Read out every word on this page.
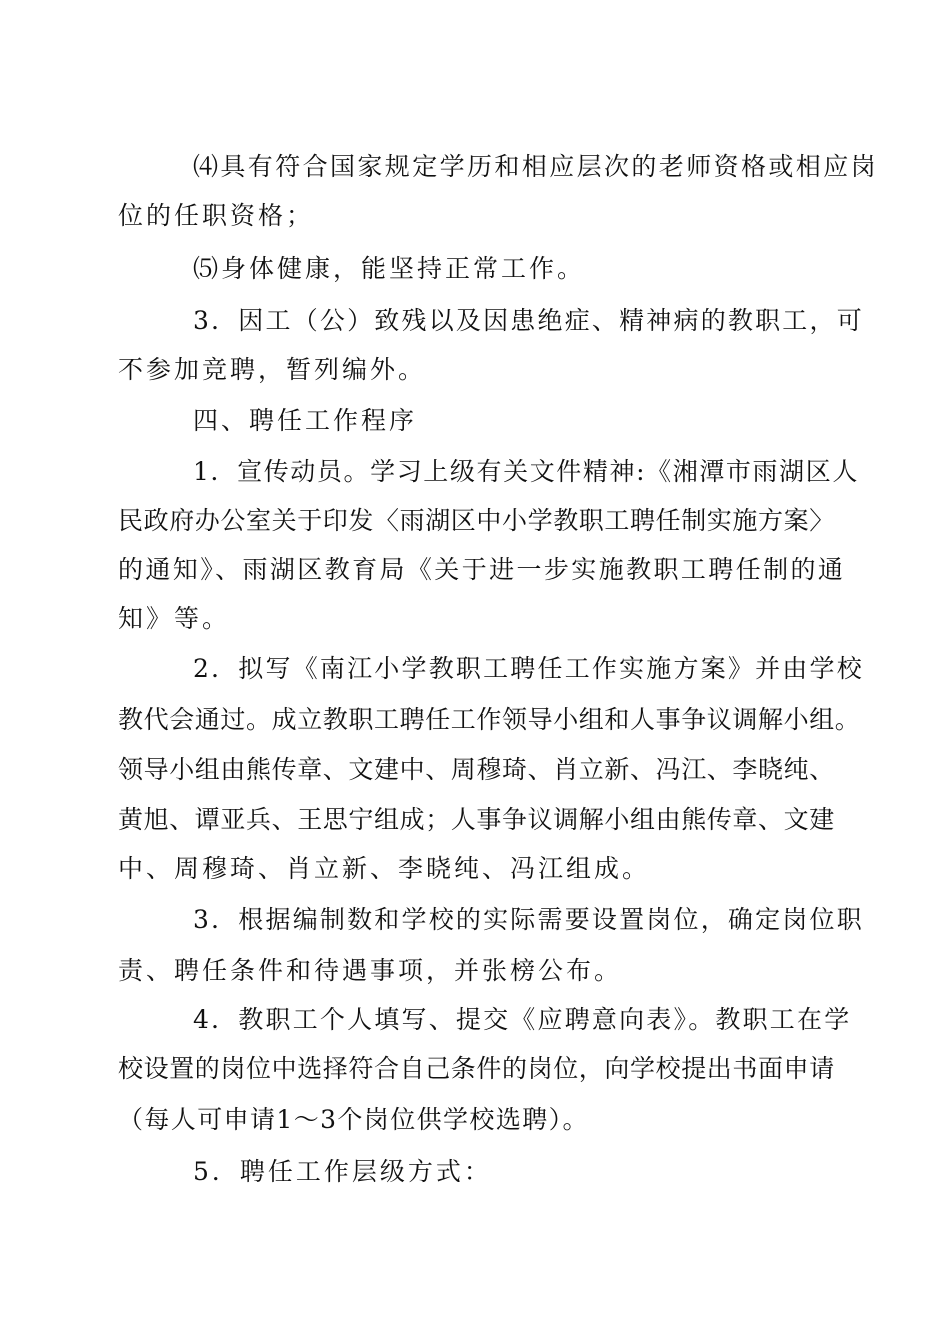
⑷具有符合国家规定学历和相应层次的老师资格或相应岗

位的任职资格；

⑸身体健康，能坚持正常工作。

3．因工（公）致残以及因患绝症、精神病的教职工，可

不参加竞聘，暂列编外。

四、聘任工作程序

1．宣传动员。学习上级有关文件精神:《湘潭市雨湖区人

民政府办公室关于印发〈雨湖区中小学教职工聘任制实施方案〉

的通知》、雨湖区教育局《关于进一步实施教职工聘任制的通

知》等。

2．拟写《南江小学教职工聘任工作实施方案》并由学校

教代会通过。成立教职工聘任工作领导小组和人事争议调解小组。

领导小组由熊传章、文建中、周穆琦、肖立新、冯江、李晓纯、

黄旭、谭亚兵、王思宁组成；人事争议调解小组由熊传章、文建

中、周穆琦、肖立新、李晓纯、冯江组成。

3．根据编制数和学校的实际需要设置岗位，确定岗位职

责、聘任条件和待遇事项，并张榜公布。

4．教职工个人填写、提交《应聘意向表》。教职工在学

校设置的岗位中选择符合自己条件的岗位，向学校提出书面申请

（每人可申请1～3个岗位供学校选聘）。

5．聘任工作层级方式：
